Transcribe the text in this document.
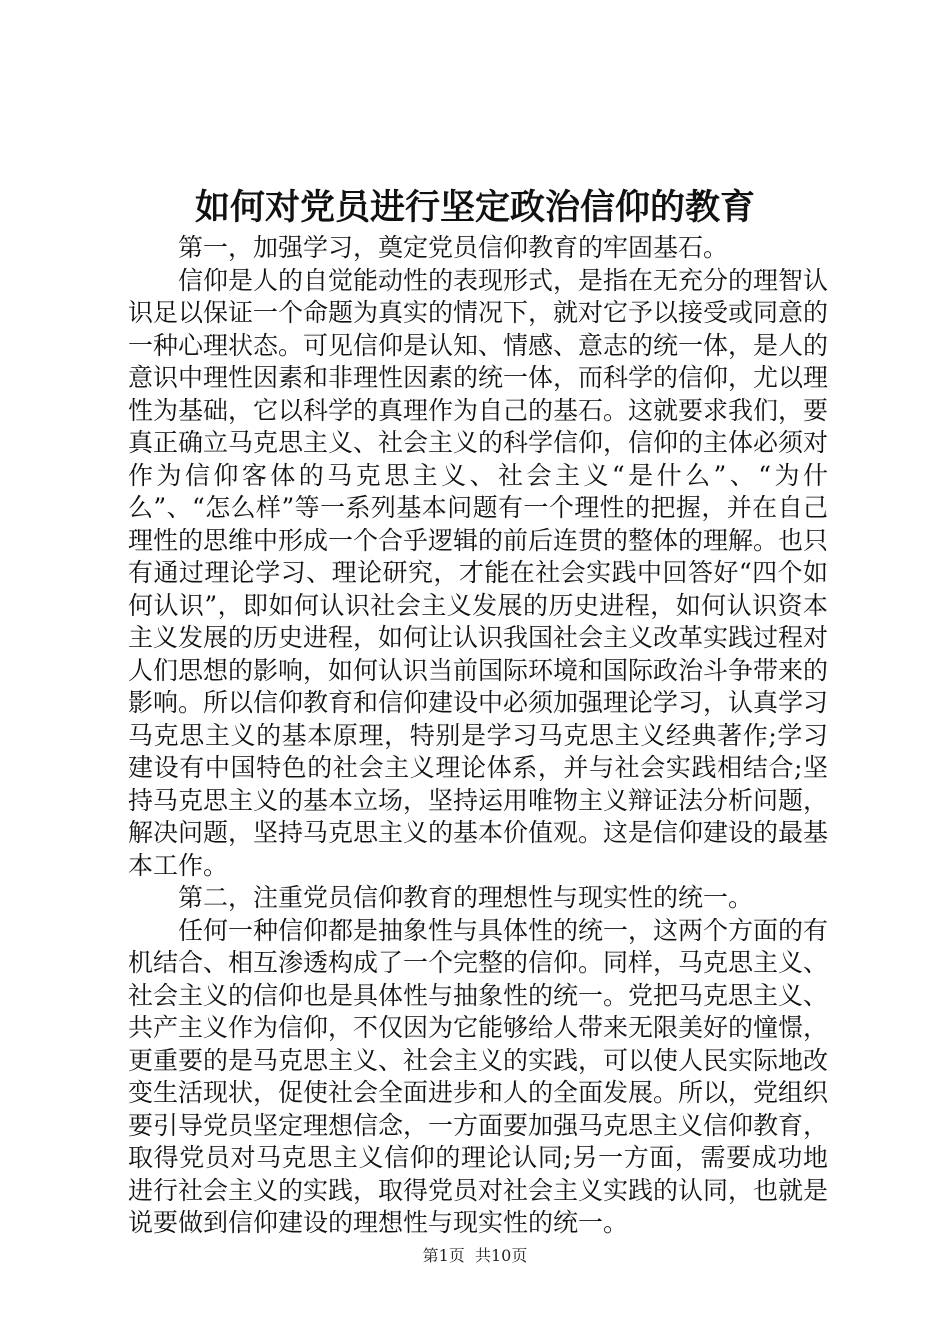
如何对党员进行坚定政治信仰的教育

第一，加强学习，奠定党员信仰教育的牢固基石。

信仰是人的自觉能动性的表现形式，是指在无充分的理智认识足以保证一个命题为真实的情况下，就对它予以接受或同意的一种心理状态。可见信仰是认知、情感、意志的统一体，是人的意识中理性因素和非理性因素的统一体，而科学的信仰，尤以理性为基础，它以科学的真理作为自己的基石。这就要求我们，要真正确立马克思主义、社会主义的科学信仰，信仰的主体必须对作为信仰客体的马克思主义、社会主义“是什么”、“为什么”、“怎么样”等一系列基本问题有一个理性的把握，并在自己理性的思维中形成一个合乎逻辑的前后连贯的整体的理解。也只有通过理论学习、理论研究，才能在社会实践中回答好“四个如何认识”，即如何认识社会主义发展的历史进程，如何认识资本主义发展的历史进程，如何让认识我国社会主义改革实践过程对人们思想的影响，如何认识当前国际环境和国际政治斗争带来的影响。所以信仰教育和信仰建设中必须加强理论学习，认真学习马克思主义的基本原理，特别是学习马克思主义经典著作;学习建设有中国特色的社会主义理论体系，并与社会实践相结合;坚持马克思主义的基本立场，坚持运用唯物主义辩证法分析问题，解决问题，坚持马克思主义的基本价值观。这是信仰建设的最基本工作。

第二，注重党员信仰教育的理想性与现实性的统一。

任何一种信仰都是抽象性与具体性的统一，这两个方面的有机结合、相互渗透构成了一个完整的信仰。同样，马克思主义、社会主义的信仰也是具体性与抽象性的统一。党把马克思主义、共产主义作为信仰，不仅因为它能够给人带来无限美好的憧憬，更重要的是马克思主义、社会主义的实践，可以使人民实际地改变生活现状，促使社会全面进步和人的全面发展。所以，党组织要引导党员坚定理想信念，一方面要加强马克思主义信仰教育，取得党员对马克思主义信仰的理论认同;另一方面，需要成功地进行社会主义的实践，取得党员对社会主义实践的认同，也就是说要做到信仰建设的理想性与现实性的统一。

第1页 共10页
